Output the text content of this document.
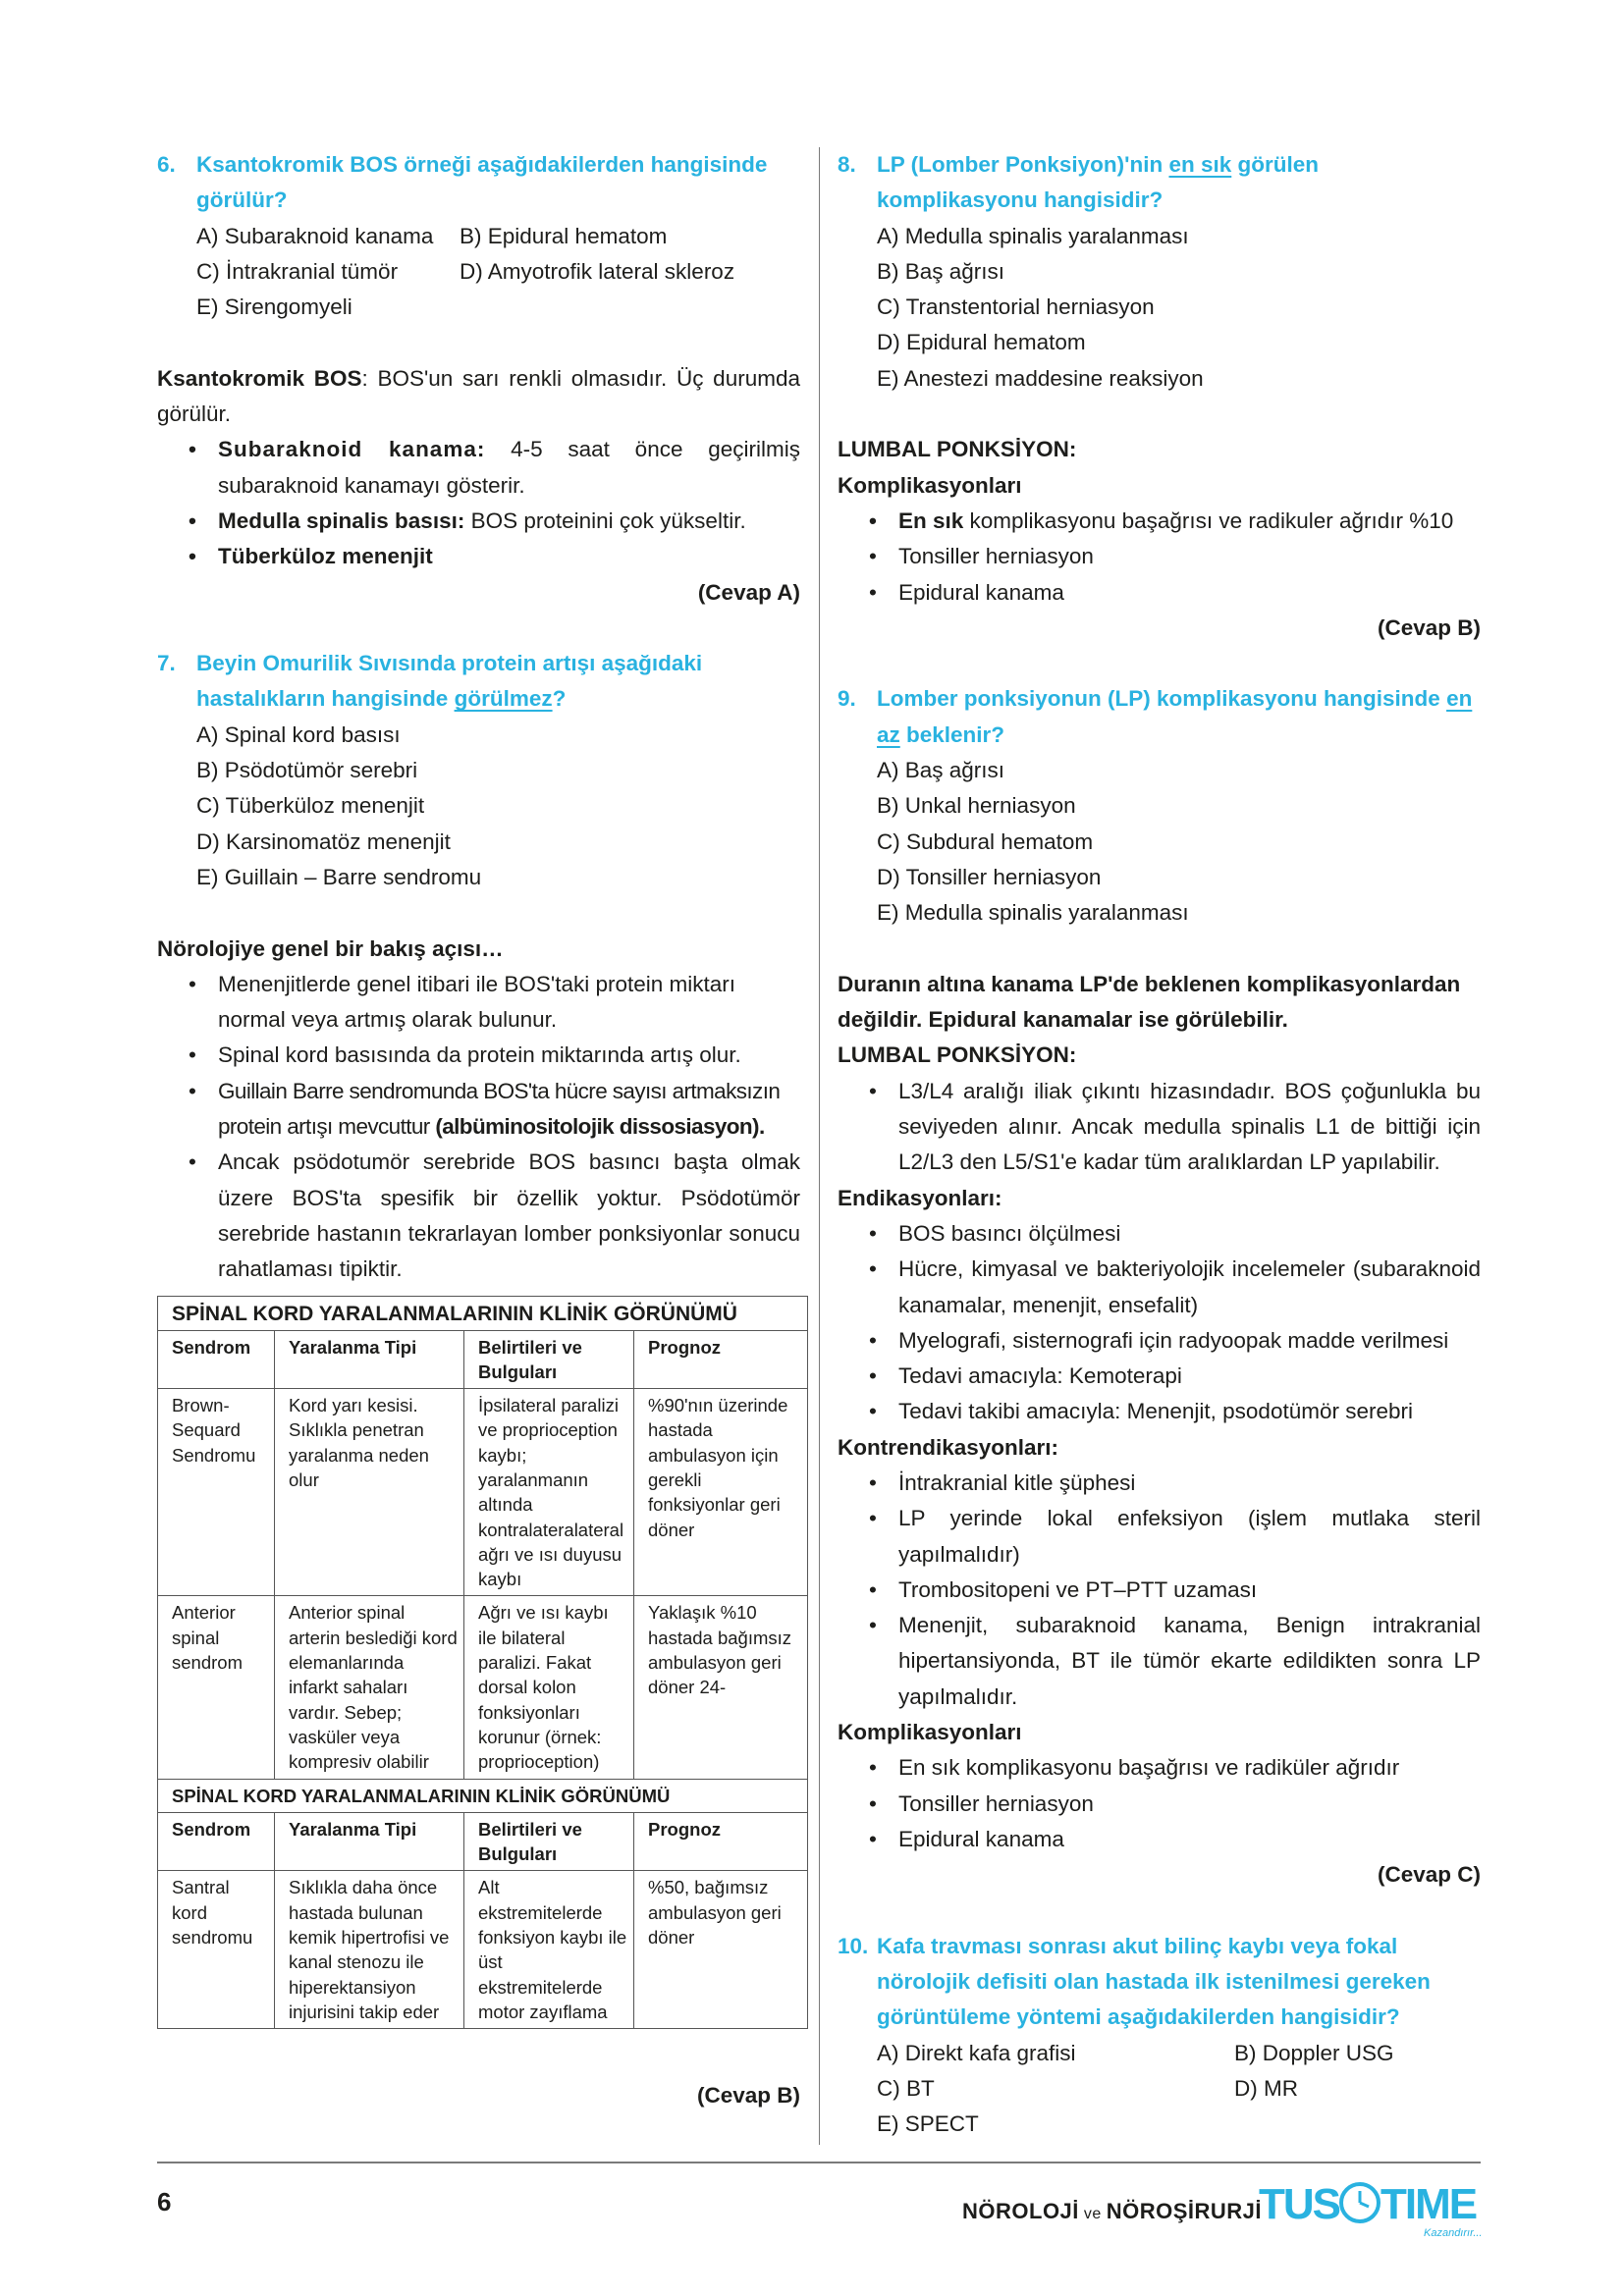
6. Ksantokromik BOS örneği aşağıdakilerden hangisinde görülür?
A) Subaraknoid kanama	B) Epidural hematom
C) İntrakranial tümör	D) Amyotrofik lateral skleroz
E) Sirengomyeli
Ksantokromik BOS: BOS'un sarı renkli olmasıdır. Üç durumda görülür.
• Subaraknoid kanama: 4-5 saat önce geçirilmiş subaraknoid kanamayı gösterir.
• Medulla spinalis basısı: BOS proteinini çok yükseltir.
• Tüberküloz menenjit
(Cevap A)
7. Beyin Omurilik Sıvısında protein artışı aşağıdaki hastalıkların hangisinde görülmez?
A) Spinal kord basısı
B) Psödotümör serebri
C) Tüberküloz menenjit
D) Karsinomatöz menenjit
E) Guillain – Barre sendromu
Nörolojiye genel bir bakış açısı…
• Menenjitlerde genel itibari ile BOS'taki protein miktarı normal veya artmış olarak bulunur.
• Spinal kord basısında da protein miktarında artış olur.
• Guillain Barre sendromunda BOS'ta hücre sayısı artmaksızın protein artışı mevcuttur (albüminositolojik dissosiasyon).
• Ancak psödotumör serebride BOS basıncı başta olmak üzere BOS'ta spesifik bir özellik yoktur. Psödotümör serebride hastanın tekrarlayan lomber ponksiyonlar sonucu rahatlaması tipiktir.
SPİNAL KORD YARALANMALARININ KLİNİK GÖRÜNÜMÜ			
Sendrom	Yaralanma Tipi	Belirtileri ve Bulguları	Prognoz
Brown-Sequard Sendromu	Kord yarı kesisi. Sıklıkla penetran yaralanma neden olur	İpsilateral paralizi ve proprioception kaybı; yaralanmanın altında kontralateralateral ağrı ve ısı duyusu kaybı	%90'nın üzerinde hastada ambulasyon için gerekli fonksiyonlar geri döner
Anterior spinal sendrom	Anterior spinal arterin beslediği kord elemanlarında infarkt sahaları vardır. Sebep; vasküler veya kompresiv olabilir	Ağrı ve ısı kaybı ile bilateral paralizi. Fakat dorsal kolon fonksiyonları korunur (örnek: proprioception)	Yaklaşık %10 hastada bağımsız ambulasyon geri döner 24-
SPİNAL KORD YARALANMALARININ KLİNİK GÖRÜNÜMÜ			
Sendrom	Yaralanma Tipi	Belirtileri ve Bulguları	Prognoz
Santral kord sendromu	Sıklıkla daha önce hastada bulunan kemik hipertrofisi ve kanal stenozu ile hiperektansiyon injurisini takip eder	Alt ekstremitelerde fonksiyon kaybı ile üst ekstremitelerde motor zayıflama	%50, bağımsız ambulasyon geri döner
(Cevap B)
8. LP (Lomber Ponksiyon)'nin en sık görülen komplikasyonu hangisidir?
A) Medulla spinalis yaralanması
B) Baş ağrısı
C) Transtentorial herniasyon
D) Epidural hematom
E) Anestezi maddesine reaksiyon
LUMBAL PONKSİYON:
Komplikasyonları
• En sık komplikasyonu başağrısı ve radikuler ağrıdır %10
• Tonsiller herniasyon
• Epidural kanama
(Cevap B)
9. Lomber ponksiyonun (LP) komplikasyonu hangisinde en az beklenir?
A) Baş ağrısı
B) Unkal herniasyon
C) Subdural hematom
D) Tonsiller herniasyon
E) Medulla spinalis yaralanması
Duranın altına kanama LP'de beklenen komplikasyonlardan değildir. Epidural kanamalar ise görülebilir.
LUMBAL PONKSİYON:
• L3/L4 aralığı iliak çıkıntı hizasındadır. BOS çoğunlukla bu seviyeden alınır. Ancak medulla spinalis L1 de bittiği için L2/L3 den L5/S1'e kadar tüm aralıklardan LP yapılabilir.
Endikasyonları:
• BOS basıncı ölçülmesi
• Hücre, kimyasal ve bakteriyolojik incelemeler (subaraknoid kanamalar, menenjit, ensefalit)
• Myelografi, sisternografi için radyoopak madde verilmesi
• Tedavi amacıyla: Kemoterapi
• Tedavi takibi amacıyla: Menenjit, psodotümör serebri
Kontrendikasyonları:
• İntrakranial kitle şüphesi
• LP yerinde lokal enfeksiyon (işlem mutlaka steril yapılmalıdır)
• Trombositopeni ve PT–PTT uzaması
• Menenjit, subaraknoid kanama, Benign intrakranial hipertansiyonda, BT ile tümör ekarte edildikten sonra LP yapılmalıdır.
Komplikasyonları
• En sık komplikasyonu başağrısı ve radiküler ağrıdır
• Tonsiller herniasyon
• Epidural kanama
(Cevap C)
10. Kafa travması sonrası akut bilinç kaybı veya fokal nörolojik defisiti olan hastada ilk istenilmesi gereken görüntüleme yöntemi aşağıdakilerden hangisidir?
A) Direkt kafa grafisi	B) Doppler USG
C) BT	D) MR
E) SPECT
6	NÖROLOJİ ve NÖROŞİRURJİ
TUS TIME
Kazandırır...
